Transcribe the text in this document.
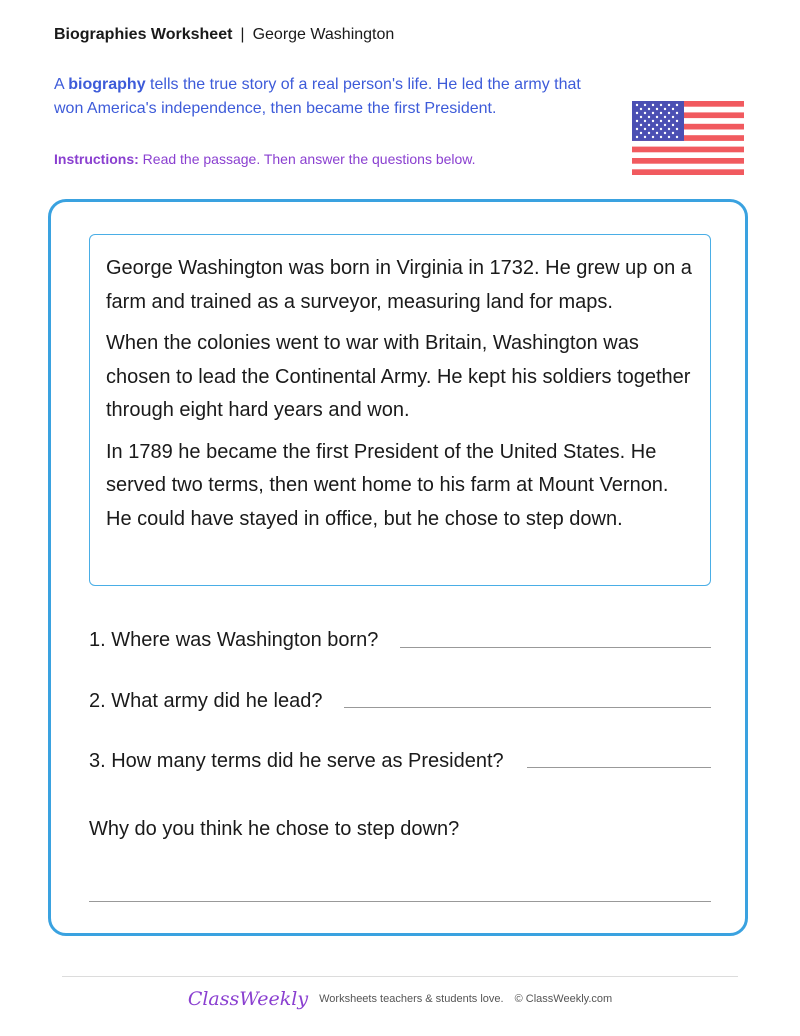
Biographies Worksheet | George Washington
A biography tells the true story of a real person's life. He led the army that won America's independence, then became the first President.
Instructions: Read the passage. Then answer the questions below.

George Washington was born in Virginia in 1732. He grew up on a farm and trained as a surveyor, measuring land for maps.

When the colonies went to war with Britain, Washington was chosen to lead the Continental Army. He kept his soldiers together through eight hard years and won.

In 1789 he became the first President of the United States. He served two terms, then went home to his farm at Mount Vernon. He could have stayed in office, but he chose to step down.

1. Where was Washington born?
2. What army did he lead?
3. How many terms did he serve as President?
Why do you think he chose to step down?
ClassWeekly Worksheets teachers & students love. © ClassWeekly.com
